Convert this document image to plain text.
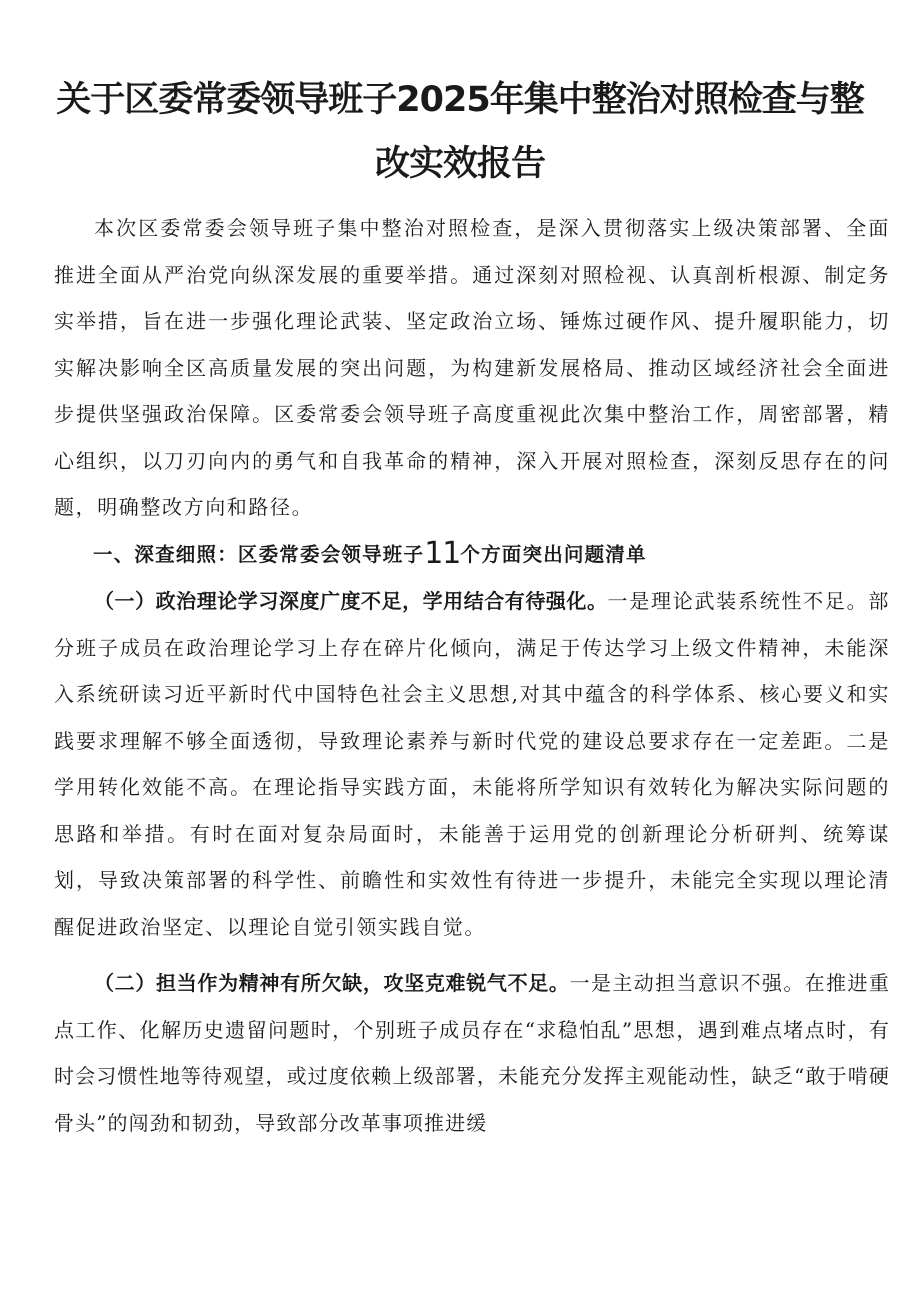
关于区委常委领导班子2025年集中整治对照检查与整
改实效报告

本次区委常委会领导班子集中整治对照检查，是深入贯彻落实上级决策部署、全面推进全面从严治党向纵深发展的重要举措。通过深刻对照检视、认真剖析根源、制定务实举措，旨在进一步强化理论武装、坚定政治立场、锤炼过硬作风、提升履职能力，切实解决影响全区高质量发展的突出问题，为构建新发展格局、推动区域经济社会全面进步提供坚强政治保障。区委常委会领导班子高度重视此次集中整治工作，周密部署，精心组织，以刀刃向内的勇气和自我革命的精神，深入开展对照检查，深刻反思存在的问题，明确整改方向和路径。

一、深查细照：区委常委会领导班子11个方面突出问题清单

（一）政治理论学习深度广度不足，学用结合有待强化。一是理论武装系统性不足。部分班子成员在政治理论学习上存在碎片化倾向，满足于传达学习上级文件精神，未能深入系统研读习近平新时代中国特色社会主义思想,对其中蕴含的科学体系、核心要义和实践要求理解不够全面透彻，导致理论素养与新时代党的建设总要求存在一定差距。二是学用转化效能不高。在理论指导实践方面，未能将所学知识有效转化为解决实际问题的思路和举措。有时在面对复杂局面时，未能善于运用党的创新理论分析研判、统筹谋划，导致决策部署的科学性、前瞻性和实效性有待进一步提升，未能完全实现以理论清醒促进政治坚定、以理论自觉引领实践自觉。

（二）担当作为精神有所欠缺，攻坚克难锐气不足。一是主动担当意识不强。在推进重点工作、化解历史遗留问题时，个别班子成员存在“求稳怕乱”思想，遇到难点堵点时，有时会习惯性地等待观望，或过度依赖上级部署，未能充分发挥主观能动性，缺乏“敢于啃硬骨头”的闯劲和韧劲，导致部分改革事项推进缓
